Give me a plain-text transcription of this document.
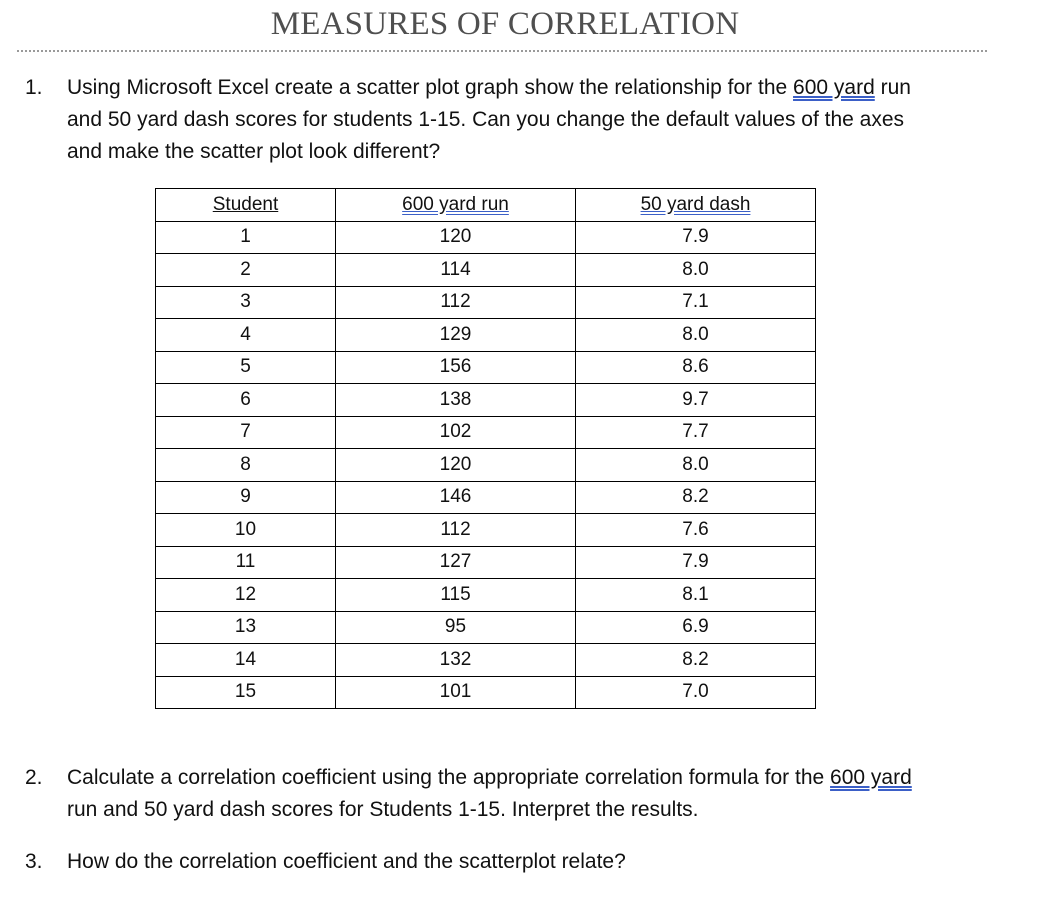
MEASURES OF CORRELATION
1. Using Microsoft Excel create a scatter plot graph show the relationship for the 600 yard run
and 50 yard dash scores for students 1-15. Can you change the default values of the axes
and make the scatter plot look different?
Student	600 yard run	50 yard dash
1	120	7.9
2	114	8.0
3	112	7.1
4	129	8.0
5	156	8.6
6	138	9.7
7	102	7.7
8	120	8.0
9	146	8.2
10	112	7.6
11	127	7.9
12	115	8.1
13	95	6.9
14	132	8.2
15	101	7.0
2. Calculate a correlation coefficient using the appropriate correlation formula for the 600 yard
run and 50 yard dash scores for Students 1-15. Interpret the results.
3. How do the correlation coefficient and the scatterplot relate?
